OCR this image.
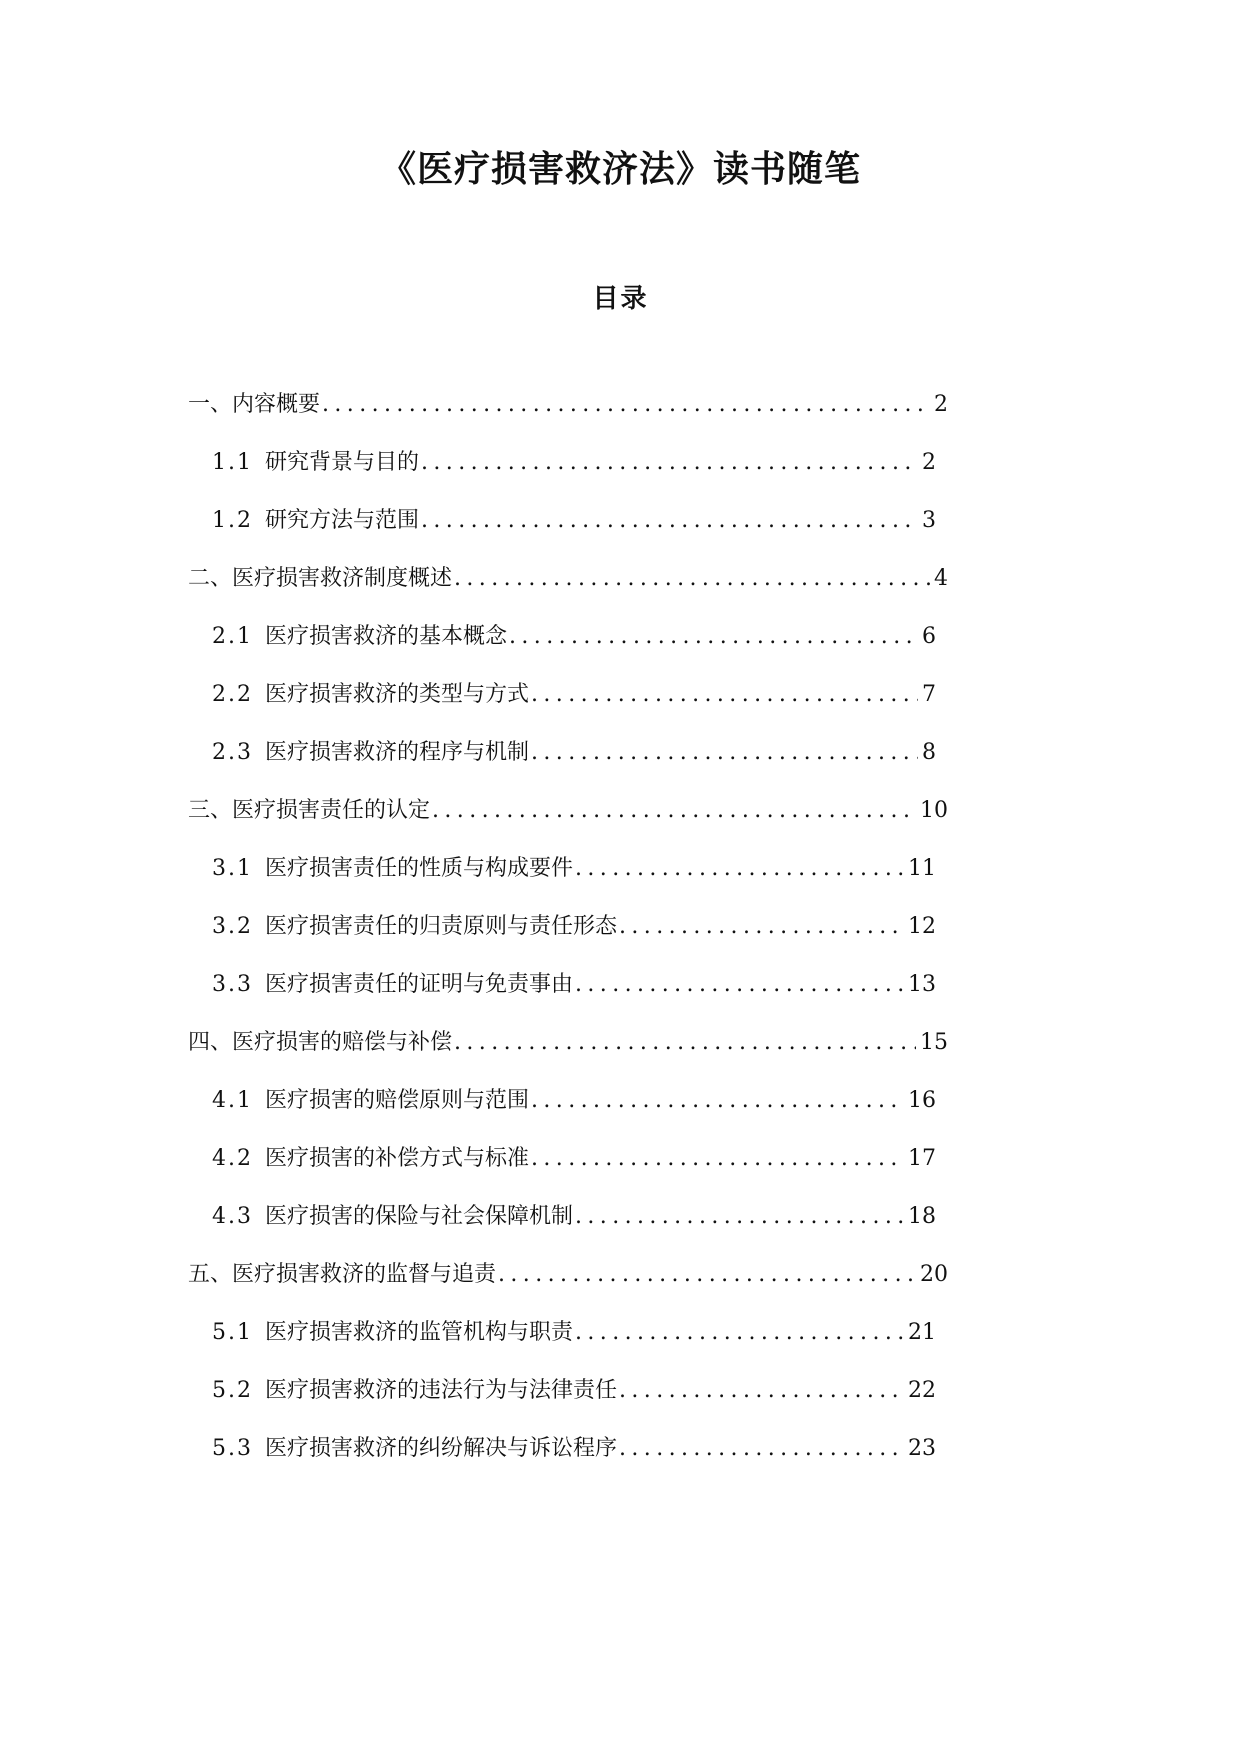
《医疗损害救济法》读书随笔
目录
一、内容概要 .....	2
1.1 研究背景与目的 .....	2
1.2 研究方法与范围 .....	3
二、医疗损害救济制度概述 .....	4
2.1 医疗损害救济的基本概念 .....	6
2.2 医疗损害救济的类型与方式 .....	7
2.3 医疗损害救济的程序与机制 .....	8
三、医疗损害责任的认定 .....	10
3.1 医疗损害责任的性质与构成要件 .....	11
3.2 医疗损害责任的归责原则与责任形态 .....	12
3.3 医疗损害责任的证明与免责事由 .....	13
四、医疗损害的赔偿与补偿 .....	15
4.1 医疗损害的赔偿原则与范围 .....	16
4.2 医疗损害的补偿方式与标准 .....	17
4.3 医疗损害的保险与社会保障机制 .....	18
五、医疗损害救济的监督与追责 .....	20
5.1 医疗损害救济的监管机构与职责 .....	21
5.2 医疗损害救济的违法行为与法律责任 .....	22
5.3 医疗损害救济的纠纷解决与诉讼程序 .....	23
